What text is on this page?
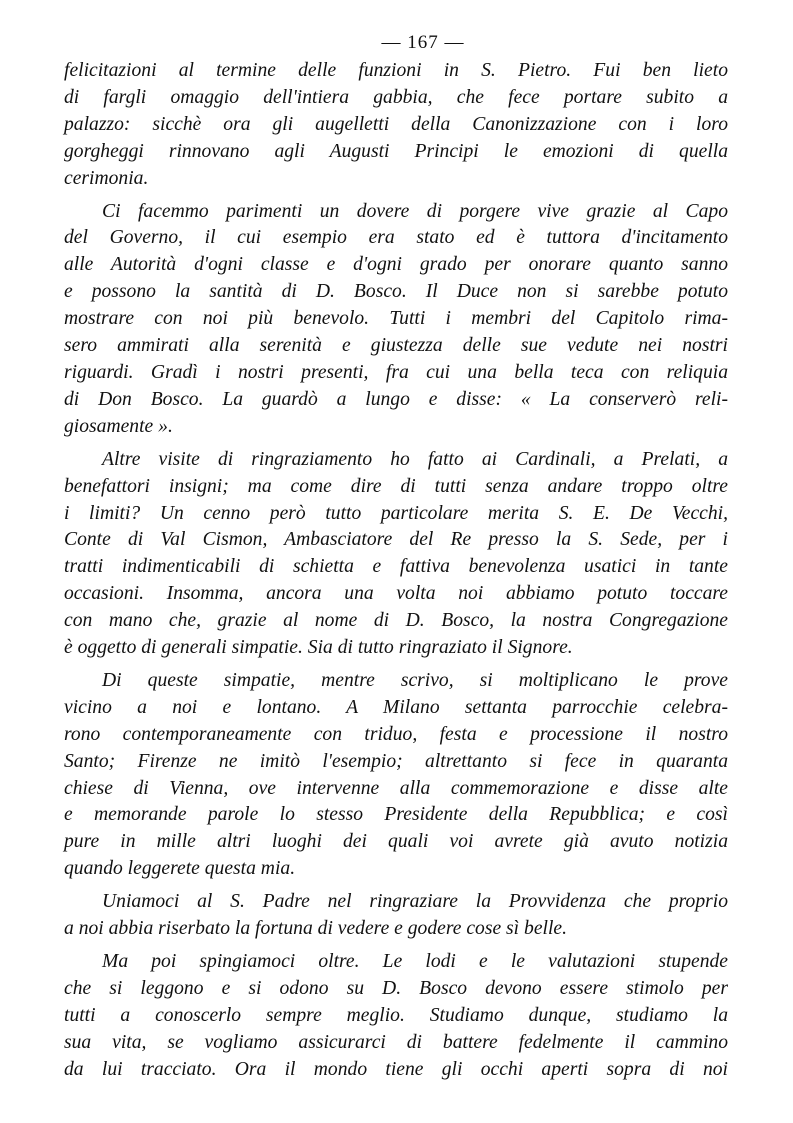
— 167 —
felicitazioni al termine delle funzioni in S. Pietro. Fui ben lieto
di fargli omaggio dell'intiera gabbia, che fece portare subito a
palazzo: sicchè ora gli augelletti della Canonizzazione con i loro
gorgheggi rinnovano agli Augusti Principi le emozioni di quella
cerimonia.
Ci facemmo parimenti un dovere di porgere vive grazie al Capo
del Governo, il cui esempio era stato ed è tuttora d'incitamento
alle Autorità d'ogni classe e d'ogni grado per onorare quanto sanno
e possono la santità di D. Bosco. Il Duce non si sarebbe potuto
mostrare con noi più benevolo. Tutti i membri del Capitolo rima-
sero ammirati alla serenità e giustezza delle sue vedute nei nostri
riguardi. Gradì i nostri presenti, fra cui una bella teca con reliquia
di Don Bosco. La guardò a lungo e disse: « La conserverò reli-
giosamente ».
Altre visite di ringraziamento ho fatto ai Cardinali, a Prelati, a
benefattori insigni; ma come dire di tutti senza andare troppo oltre
i limiti? Un cenno però tutto particolare merita S. E. De Vecchi,
Conte di Val Cismon, Ambasciatore del Re presso la S. Sede, per i
tratti indimenticabili di schietta e fattiva benevolenza usatici in tante
occasioni. Insomma, ancora una volta noi abbiamo potuto toccare
con mano che, grazie al nome di D. Bosco, la nostra Congregazione
è oggetto di generali simpatie. Sia di tutto ringraziato il Signore.
Di queste simpatie, mentre scrivo, si moltiplicano le prove
vicino a noi e lontano. A Milano settanta parrocchie celebra-
rono contemporaneamente con triduo, festa e processione il nostro
Santo; Firenze ne imitò l'esempio; altrettanto si fece in quaranta
chiese di Vienna, ove intervenne alla commemorazione e disse alte
e memorande parole lo stesso Presidente della Repubblica; e così
pure in mille altri luoghi dei quali voi avrete già avuto notizia
quando leggerete questa mia.
Uniamoci al S. Padre nel ringraziare la Provvidenza che proprio
a noi abbia riserbato la fortuna di vedere e godere cose sì belle.
Ma poi spingiamoci oltre. Le lodi e le valutazioni stupende
che si leggono e si odono su D. Bosco devono essere stimolo per
tutti a conoscerlo sempre meglio. Studiamo dunque, studiamo la
sua vita, se vogliamo assicurarci di battere fedelmente il cammino
da lui tracciato. Ora il mondo tiene gli occhi aperti sopra di noi
